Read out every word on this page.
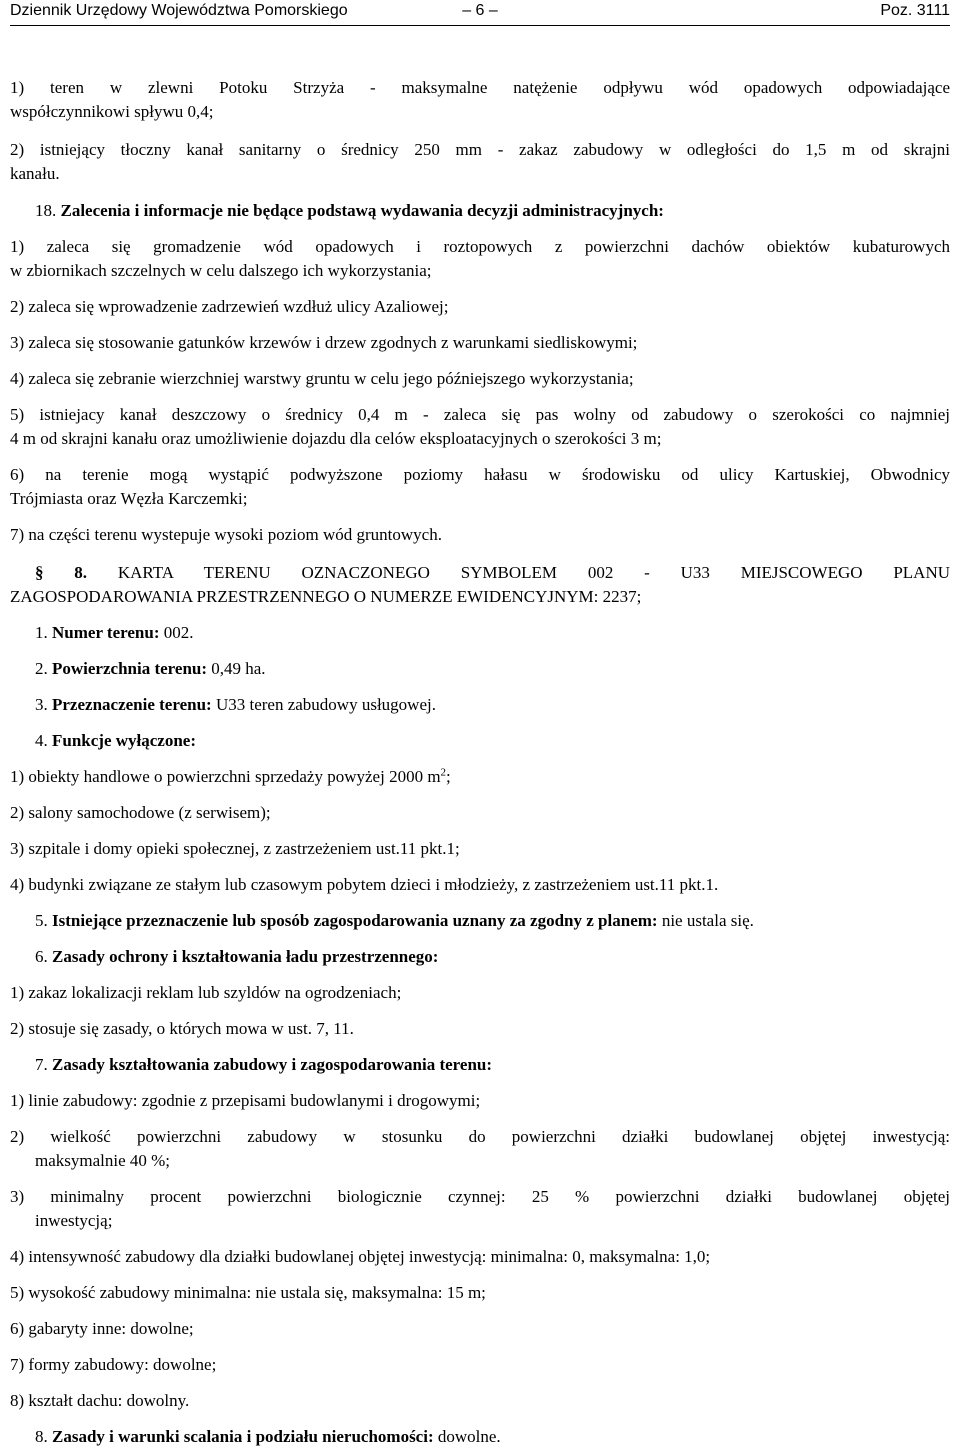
Dziennik Urzędowy Województwa Pomorskiego	– 6 –	Poz. 3111

1) teren w zlewni Potoku Strzyża - maksymalne natężenie odpływu wód opadowych odpowiadające

współczynnikowi spływu 0,4;

2) istniejący tłoczny kanał sanitarny o średnicy 250 mm - zakaz zabudowy w odległości do 1,5 m od skrajni

kanału.

18. Zalecenia i informacje nie będące podstawą wydawania decyzji administracyjnych:

1) zaleca się gromadzenie wód opadowych i roztopowych z powierzchni dachów obiektów kubaturowych

w zbiornikach szczelnych w celu dalszego ich wykorzystania;

2) zaleca się wprowadzenie zadrzewień wzdłuż ulicy Azaliowej;

3) zaleca się stosowanie gatunków krzewów i drzew zgodnych z warunkami siedliskowymi;

4) zaleca się zebranie wierzchniej warstwy gruntu w celu jego późniejszego wykorzystania;

5) istniejacy kanał deszczowy o średnicy 0,4 m - zaleca się pas wolny od zabudowy o szerokości co najmniej

4 m od skrajni kanału oraz umożliwienie dojazdu dla celów eksploatacyjnych o szerokości 3 m;

6) na terenie mogą wystąpić podwyższone poziomy hałasu w środowisku od ulicy Kartuskiej, Obwodnicy

Trójmiasta oraz Węzła Karczemki;

7) na części terenu wystepuje wysoki poziom wód gruntowych.

§ 8. KARTA TERENU OZNACZONEGO SYMBOLEM 002 - U33 MIEJSCOWEGO PLANU

ZAGOSPODAROWANIA PRZESTRZENNEGO O NUMERZE EWIDENCYJNYM: 2237;

1. Numer terenu: 002.

2. Powierzchnia terenu: 0,49 ha.

3. Przeznaczenie terenu: U33 teren zabudowy usługowej.

4. Funkcje wyłączone:

1) obiekty handlowe o powierzchni sprzedaży powyżej 2000 $m^2$;

2) salony samochodowe (z serwisem);

3) szpitale i domy opieki społecznej, z zastrzeżeniem ust.11 pkt.1;

4) budynki związane ze stałym lub czasowym pobytem dzieci i młodzieży, z zastrzeżeniem ust.11 pkt.1.

5. Istniejące przeznaczenie lub sposób zagospodarowania uznany za zgodny z planem: nie ustala się.

6. Zasady ochrony i kształtowania ładu przestrzennego:

1) zakaz lokalizacji reklam lub szyldów na ogrodzeniach;

2) stosuje się zasady, o których mowa w ust. 7, 11.

7. Zasady kształtowania zabudowy i zagospodarowania terenu:

1) linie zabudowy: zgodnie z przepisami budowlanymi i drogowymi;

2) wielkość powierzchni zabudowy w stosunku do powierzchni działki budowlanej objętej inwestycją:

maksymalnie 40 %;

3) minimalny procent powierzchni biologicznie czynnej: 25 % powierzchni działki budowlanej objętej

inwestycją;

4) intensywność zabudowy dla działki budowlanej objętej inwestycją: minimalna: 0, maksymalna: 1,0;

5) wysokość zabudowy minimalna: nie ustala się, maksymalna: 15 m;

6) gabaryty inne: dowolne;

7) formy zabudowy: dowolne;

8) kształt dachu: dowolny.

8. Zasady i warunki scalania i podziału nieruchomości: dowolne.
